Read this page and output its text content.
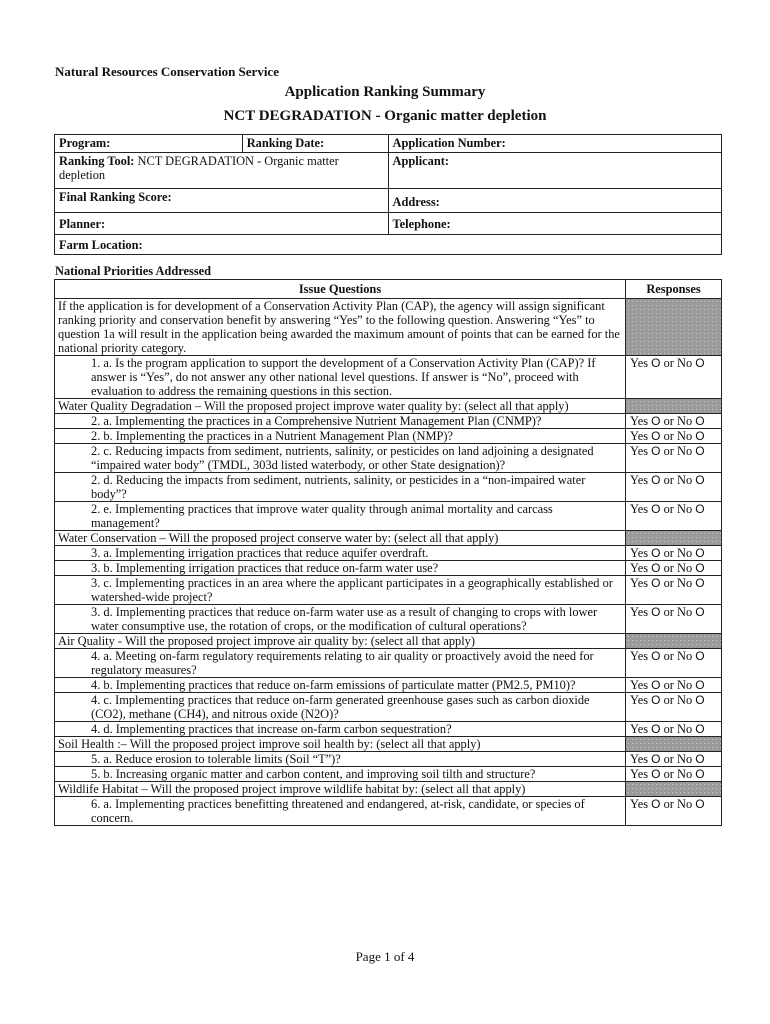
Natural Resources Conservation Service
Application Ranking Summary
NCT DEGRADATION - Organic matter depletion
Program:	Ranking Date:	Application Number:
Ranking Tool: NCT DEGRADATION - Organic matter depletion		Applicant:
Final Ranking Score:		Address:
Planner:		Telephone:
Farm Location:		
National Priorities Addressed
Issue Questions	Responses
If the application is for development of a Conservation Activity Plan (CAP), the agency will assign significant ranking priority and conservation benefit by answering “Yes” to the following question. Answering “Yes” to question 1a will result in the application being awarded the maximum amount of points that can be earned for the national priority category.	
1. a. Is the program application to support the development of a Conservation Activity Plan (CAP)? If answer is “Yes”, do not answer any other national level questions. If answer is “No”, proceed with evaluation to address the remaining questions in this section.	Yes O or No O
Water Quality Degradation – Will the proposed project improve water quality by: (select all that apply)	
2. a. Implementing the practices in a Comprehensive Nutrient Management Plan (CNMP)?	Yes O or No O
2. b. Implementing the practices in a Nutrient Management Plan (NMP)?	Yes O or No O
2. c. Reducing impacts from sediment, nutrients, salinity, or pesticides on land adjoining a designated “impaired water body” (TMDL, 303d listed waterbody, or other State designation)?	Yes O or No O
2. d. Reducing the impacts from sediment, nutrients, salinity, or pesticides in a “non-impaired water body”?	Yes O or No O
2. e. Implementing practices that improve water quality through animal mortality and carcass management?	Yes O or No O
Water Conservation – Will the proposed project conserve water by: (select all that apply)	
3. a. Implementing irrigation practices that reduce aquifer overdraft.	Yes O or No O
3. b. Implementing irrigation practices that reduce on-farm water use?	Yes O or No O
3. c. Implementing practices in an area where the applicant participates in a geographically established or watershed-wide project?	Yes O or No O
3. d. Implementing practices that reduce on-farm water use as a result of changing to crops with lower water consumptive use, the rotation of crops, or the modification of cultural operations?	Yes O or No O
Air Quality - Will the proposed project improve air quality by: (select all that apply)	
4. a. Meeting on-farm regulatory requirements relating to air quality or proactively avoid the need for regulatory measures?	Yes O or No O
4. b. Implementing practices that reduce on-farm emissions of particulate matter (PM2.5, PM10)?	Yes O or No O
4. c. Implementing practices that reduce on-farm generated greenhouse gases such as carbon dioxide (CO2), methane (CH4), and nitrous oxide (N2O)?	Yes O or No O
4. d. Implementing practices that increase on-farm carbon sequestration?	Yes O or No O
Soil Health :– Will the proposed project improve soil health by: (select all that apply)	
5. a. Reduce erosion to tolerable limits (Soil “T”)?	Yes O or No O
5. b. Increasing organic matter and carbon content, and improving soil tilth and structure?	Yes O or No O
Wildlife Habitat – Will the proposed project improve wildlife habitat by: (select all that apply)	
6. a. Implementing practices benefitting threatened and endangered, at-risk, candidate, or species of concern.	Yes O or No O
Page 1 of 4
